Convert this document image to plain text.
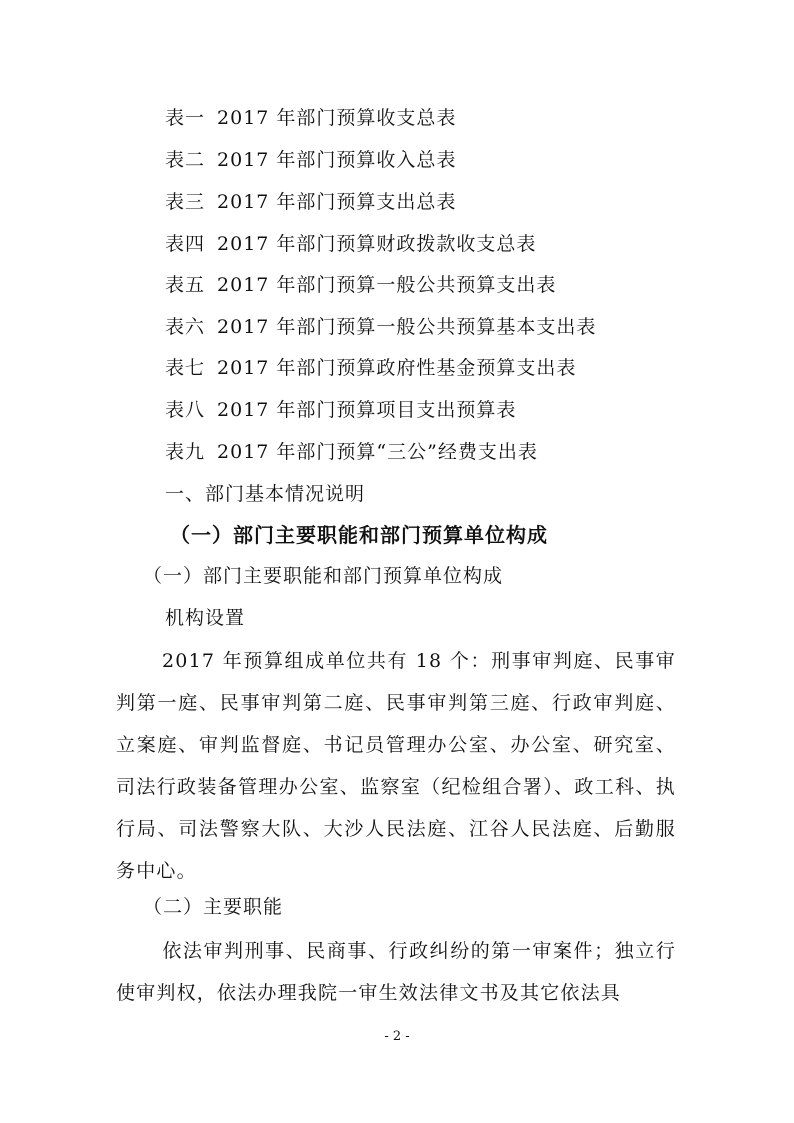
表一 2017 年部门预算收支总表
表二 2017 年部门预算收入总表
表三 2017 年部门预算支出总表
表四 2017 年部门预算财政拨款收支总表
表五 2017 年部门预算一般公共预算支出表
表六 2017 年部门预算一般公共预算基本支出表
表七 2017 年部门预算政府性基金预算支出表
表八 2017 年部门预算项目支出预算表
表九 2017 年部门预算“三公”经费支出表
一、部门基本情况说明
（一）部门主要职能和部门预算单位构成
（一）部门主要职能和部门预算单位构成
机构设置
2017 年预算组成单位共有 18 个：刑事审判庭、民事审判第一庭、民事审判第二庭、民事审判第三庭、行政审判庭、立案庭、审判监督庭、书记员管理办公室、办公室、研究室、司法行政装备管理办公室、监察室（纪检组合署）、政工科、执行局、司法警察大队、大沙人民法庭、江谷人民法庭、后勤服务中心。
（二）主要职能
依法审判刑事、民商事、行政纠纷的第一审案件；独立行使审判权，依法办理我院一审生效法律文书及其它依法具
- 2 -
